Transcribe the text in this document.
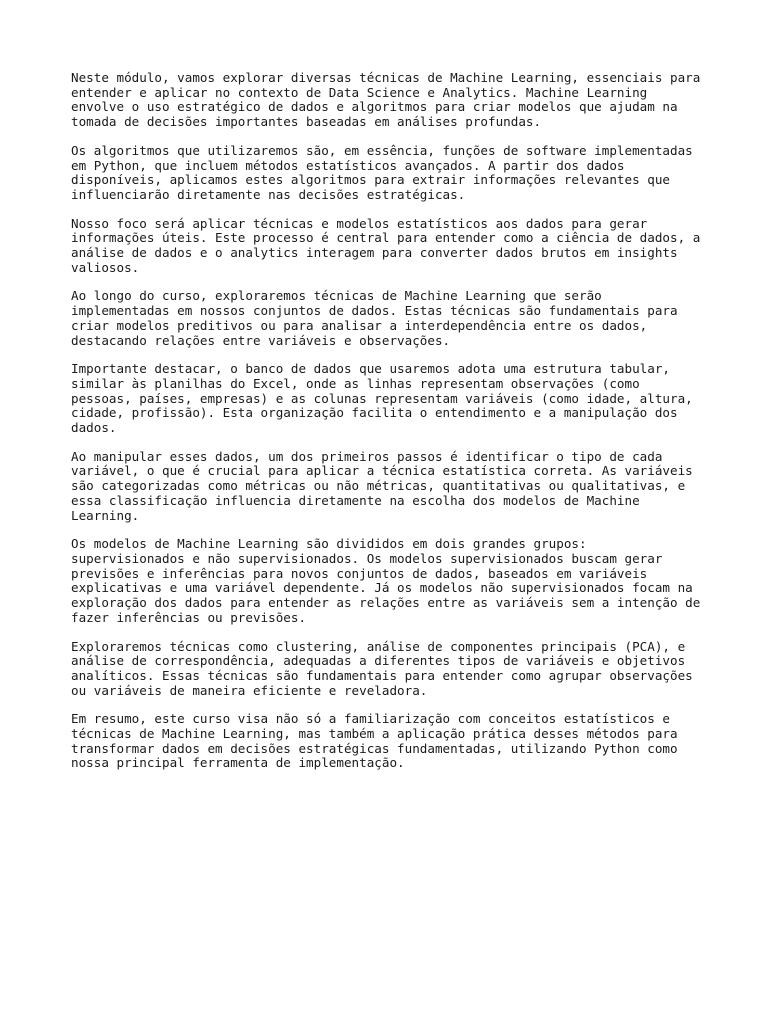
Neste módulo, vamos explorar diversas técnicas de Machine Learning, essenciais para
entender e aplicar no contexto de Data Science e Analytics. Machine Learning
envolve o uso estratégico de dados e algoritmos para criar modelos que ajudam na
tomada de decisões importantes baseadas em análises profundas.

Os algoritmos que utilizaremos são, em essência, funções de software implementadas
em Python, que incluem métodos estatísticos avançados. A partir dos dados
disponíveis, aplicamos estes algoritmos para extrair informações relevantes que
influenciarão diretamente nas decisões estratégicas.

Nosso foco será aplicar técnicas e modelos estatísticos aos dados para gerar
informações úteis. Este processo é central para entender como a ciência de dados, a
análise de dados e o analytics interagem para converter dados brutos em insights
valiosos.

Ao longo do curso, exploraremos técnicas de Machine Learning que serão
implementadas em nossos conjuntos de dados. Estas técnicas são fundamentais para
criar modelos preditivos ou para analisar a interdependência entre os dados,
destacando relações entre variáveis e observações.

Importante destacar, o banco de dados que usaremos adota uma estrutura tabular,
similar às planilhas do Excel, onde as linhas representam observações (como
pessoas, países, empresas) e as colunas representam variáveis (como idade, altura,
cidade, profissão). Esta organização facilita o entendimento e a manipulação dos
dados.

Ao manipular esses dados, um dos primeiros passos é identificar o tipo de cada
variável, o que é crucial para aplicar a técnica estatística correta. As variáveis
são categorizadas como métricas ou não métricas, quantitativas ou qualitativas, e
essa classificação influencia diretamente na escolha dos modelos de Machine
Learning.

Os modelos de Machine Learning são divididos em dois grandes grupos:
supervisionados e não supervisionados. Os modelos supervisionados buscam gerar
previsões e inferências para novos conjuntos de dados, baseados em variáveis
explicativas e uma variável dependente. Já os modelos não supervisionados focam na
exploração dos dados para entender as relações entre as variáveis sem a intenção de
fazer inferências ou previsões.

Exploraremos técnicas como clustering, análise de componentes principais (PCA), e
análise de correspondência, adequadas a diferentes tipos de variáveis e objetivos
analíticos. Essas técnicas são fundamentais para entender como agrupar observações
ou variáveis de maneira eficiente e reveladora.

Em resumo, este curso visa não só a familiarização com conceitos estatísticos e
técnicas de Machine Learning, mas também a aplicação prática desses métodos para
transformar dados em decisões estratégicas fundamentadas, utilizando Python como
nossa principal ferramenta de implementação.
